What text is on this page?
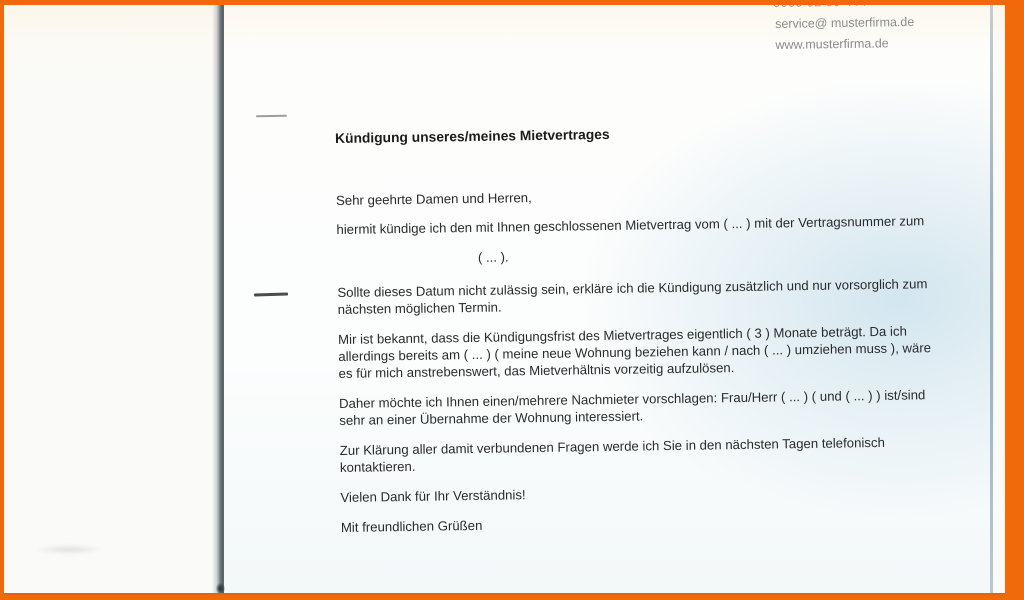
service@ musterfirma.de
www.musterfirma.de
Kündigung unseres/meines Mietvertrages

Sehr geehrte Damen und Herren,

hiermit kündige ich den mit Ihnen geschlossenen Mietvertrag vom ( ... ) mit der Vertragsnummer zum

( ... ).

Sollte dieses Datum nicht zulässig sein, erkläre ich die Kündigung zusätzlich und nur vorsorglich zum
nächsten möglichen Termin.

Mir ist bekannt, dass die Kündigungsfrist des Mietvertrages eigentlich ( 3 ) Monate beträgt. Da ich
allerdings bereits am ( ... ) ( meine neue Wohnung beziehen kann / nach ( ... ) umziehen muss ), wäre
es für mich anstrebenswert, das Mietverhältnis vorzeitig aufzulösen.

Daher möchte ich Ihnen einen/mehrere Nachmieter vorschlagen: Frau/Herr ( ... ) ( und ( ... ) ) ist/sind
sehr an einer Übernahme der Wohnung interessiert.

Zur Klärung aller damit verbundenen Fragen werde ich Sie in den nächsten Tagen telefonisch
kontaktieren.

Vielen Dank für Ihr Verständnis!

Mit freundlichen Grüßen
